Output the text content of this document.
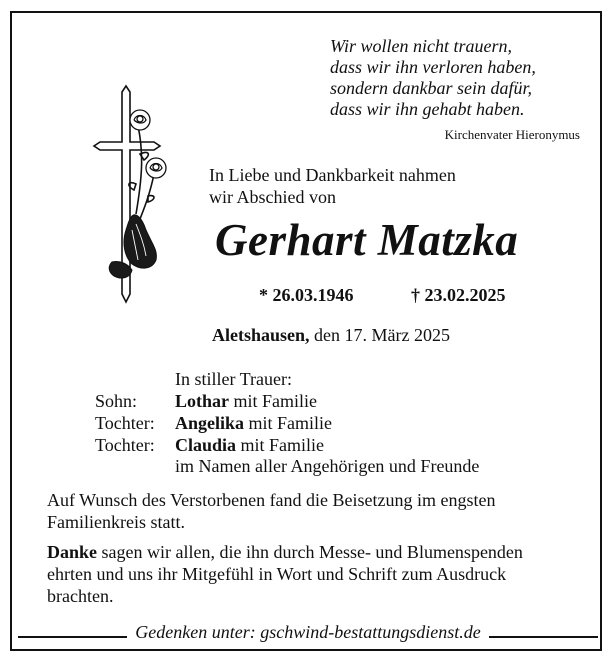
Wir wollen nicht trauern,
dass wir ihn verloren haben,
sondern dankbar sein dafür,
dass wir ihn gehabt haben.
Kirchenvater Hieronymus
In Liebe und Dankbarkeit nahmen
wir Abschied von
Gerhart Matzka
* 26.03.1946	† 23.02.2025
Aletshausen, den 17. März 2025
In stiller Trauer:
Sohn:	Lothar mit Familie
Tochter:	Angelika mit Familie
Tochter:	Claudia mit Familie
im Namen aller Angehörigen und Freunde
Auf Wunsch des Verstorbenen fand die Beisetzung im engsten Familienkreis statt.
Danke sagen wir allen, die ihn durch Messe- und Blumenspenden ehrten und uns ihr Mitgefühl in Wort und Schrift zum Ausdruck brachten.
Gedenken unter: gschwind-bestattungsdienst.de
